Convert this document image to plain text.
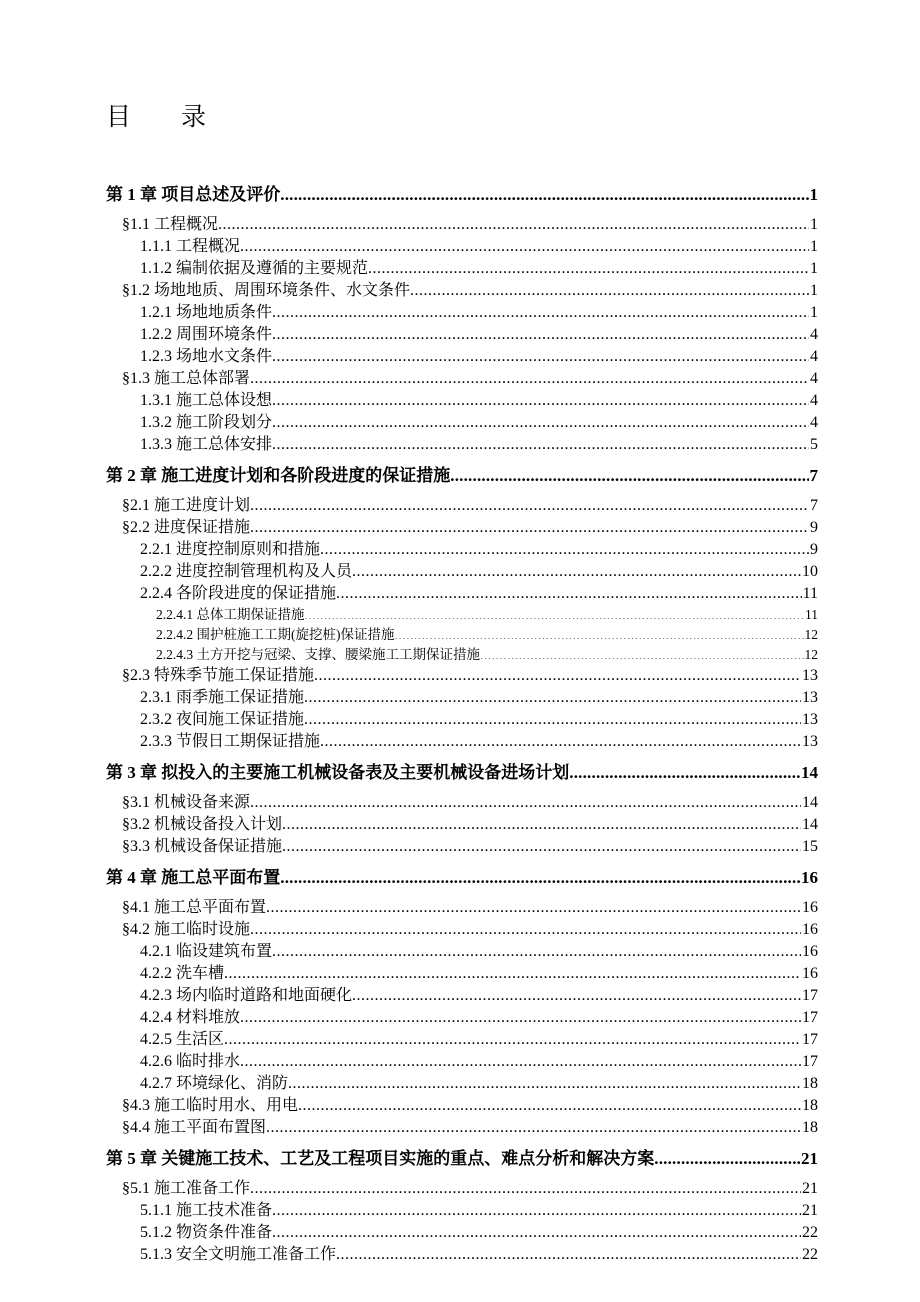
目        录
第 1 章 项目总述及评价 .....	1
§1.1 工程概况 .....	1
1.1.1 工程概况 .....	1
1.1.2 编制依据及遵循的主要规范 .....	1
§1.2 场地地质、周围环境条件、水文条件 .....	1
1.2.1 场地地质条件 .....	1
1.2.2 周围环境条件 .....	4
1.2.3 场地水文条件 .....	4
§1.3 施工总体部署 .....	4
1.3.1 施工总体设想 .....	4
1.3.2 施工阶段划分 .....	4
1.3.3 施工总体安排 .....	5
第 2 章 施工进度计划和各阶段进度的保证措施 .....	7
§2.1 施工进度计划 .....	7
§2.2 进度保证措施 .....	9
2.2.1 进度控制原则和措施 .....	9
2.2.2 进度控制管理机构及人员 .....	10
2.2.4 各阶段进度的保证措施 .....	11
2.2.4.1 总体工期保证措施 .....	11
2.2.4.2 围护桩施工工期(旋挖桩)保证措施 .....	12
2.2.4.3 土方开挖与冠梁、支撑、腰梁施工工期保证措施 .....	12
§2.3 特殊季节施工保证措施 .....	13
2.3.1 雨季施工保证措施 .....	13
2.3.2 夜间施工保证措施 .....	13
2.3.3 节假日工期保证措施 .....	13
第 3 章 拟投入的主要施工机械设备表及主要机械设备进场计划 .....	14
§3.1 机械设备来源 .....	14
§3.2 机械设备投入计划 .....	14
§3.3 机械设备保证措施 .....	15
第 4 章 施工总平面布置 .....	16
§4.1 施工总平面布置 .....	16
§4.2 施工临时设施 .....	16
4.2.1 临设建筑布置 .....	16
4.2.2 洗车槽 .....	16
4.2.3 场内临时道路和地面硬化 .....	17
4.2.4 材料堆放 .....	17
4.2.5 生活区 .....	17
4.2.6 临时排水 .....	17
4.2.7 环境绿化、消防 .....	18
§4.3 施工临时用水、用电 .....	18
§4.4 施工平面布置图 .....	18
第 5 章 关键施工技术、工艺及工程项目实施的重点、难点分析和解决方案 .....	21
§5.1 施工准备工作 .....	21
5.1.1 施工技术准备 .....	21
5.1.2 物资条件准备 .....	22
5.1.3 安全文明施工准备工作 .....	22
